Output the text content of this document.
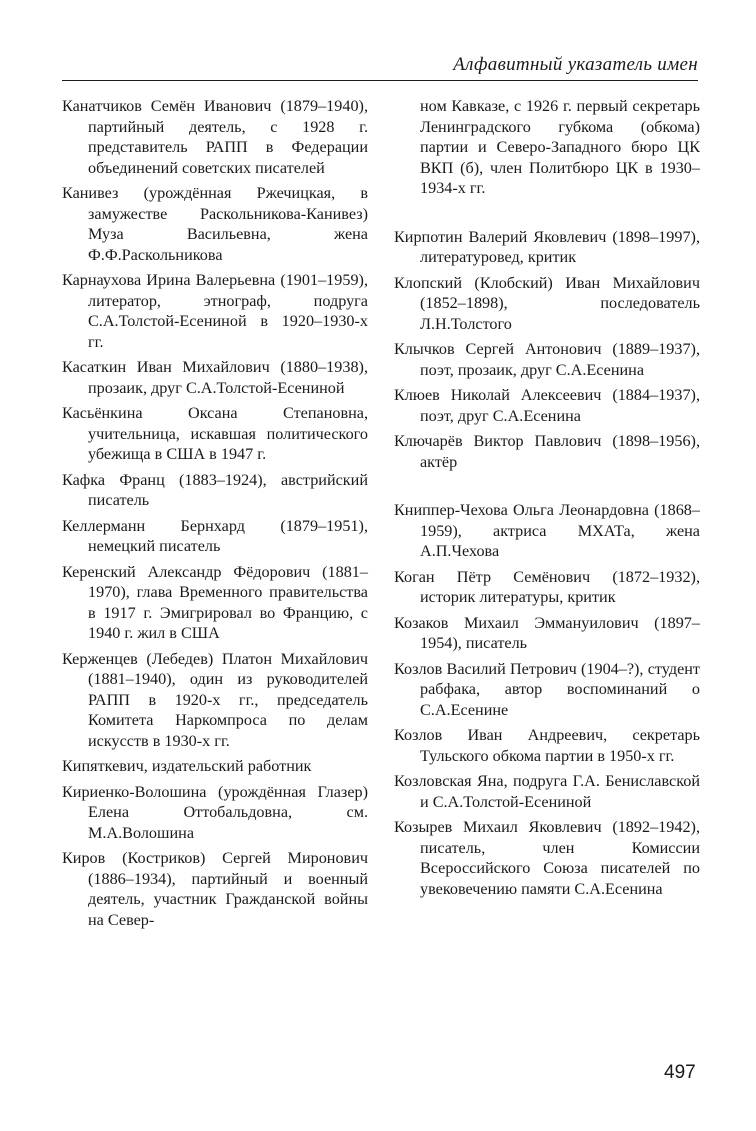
Алфавитный указатель имен

Канатчиков Семён Иванович (1879–1940), партийный деятель, с 1928 г. представитель РАПП в Федерации объединений советских писателей

Канивез (урождённая Ржечицкая, в замужестве Раскольникова-Канивез) Муза Васильевна, жена Ф.Ф.Раскольникова

Карнаухова Ирина Валерьевна (1901–1959), литератор, этнограф, подруга С.А.Толстой-Есениной в 1920–1930-х гг.

Касаткин Иван Михайлович (1880–1938), прозаик, друг С.А.Толстой-Есениной

Касьёнкина Оксана Степановна, учительница, искавшая политического убежища в США в 1947 г.

Кафка Франц (1883–1924), австрийский писатель

Келлерманн Бернхард (1879–1951), немецкий писатель

Керенский Александр Фёдорович (1881–1970), глава Временного правительства в 1917 г. Эмигрировал во Францию, с 1940 г. жил в США

Керженцев (Лебедев) Платон Михайлович (1881–1940), один из руководителей РАПП в 1920-х гг., председатель Комитета Наркомпроса по делам искусств в 1930-х гг.

Кипяткевич, издательский работник

Кириенко-Волошина (урождённая Глазер) Елена Оттобальдовна, см. М.А.Волошина

Киров (Костриков) Сергей Миронович (1886–1934), партийный и военный деятель, участник Гражданской войны на Север-

ном Кавказе, с 1926 г. первый секретарь Ленинградского губкома (обкома) партии и Северо-Западного бюро ЦК ВКП (б), член Политбюро ЦК в 1930–1934-х гг.

Кирпотин Валерий Яковлевич (1898–1997), литературовед, критик

Клопский (Клобский) Иван Михайлович (1852–1898), последователь Л.Н.Толстого

Клычков Сергей Антонович (1889–1937), поэт, прозаик, друг С.А.Есенина

Клюев Николай Алексеевич (1884–1937), поэт, друг С.А.Есенина

Ключарёв Виктор Павлович (1898–1956), актёр

Книппер-Чехова Ольга Леонардовна (1868–1959), актриса МХАТа, жена А.П.Чехова

Коган Пётр Семёнович (1872–1932), историк литературы, критик

Козаков Михаил Эммануилович (1897–1954), писатель

Козлов Василий Петрович (1904–?), студент рабфака, автор воспоминаний о С.А.Есенине

Козлов Иван Андреевич, секретарь Тульского обкома партии в 1950-х гг.

Козловская Яна, подруга Г.А. Бениславской и С.А.Толстой-Есениной

Козырев Михаил Яковлевич (1892–1942), писатель, член Комиссии Всероссийского Союза писателей по увековечению памяти С.А.Есенина

497
